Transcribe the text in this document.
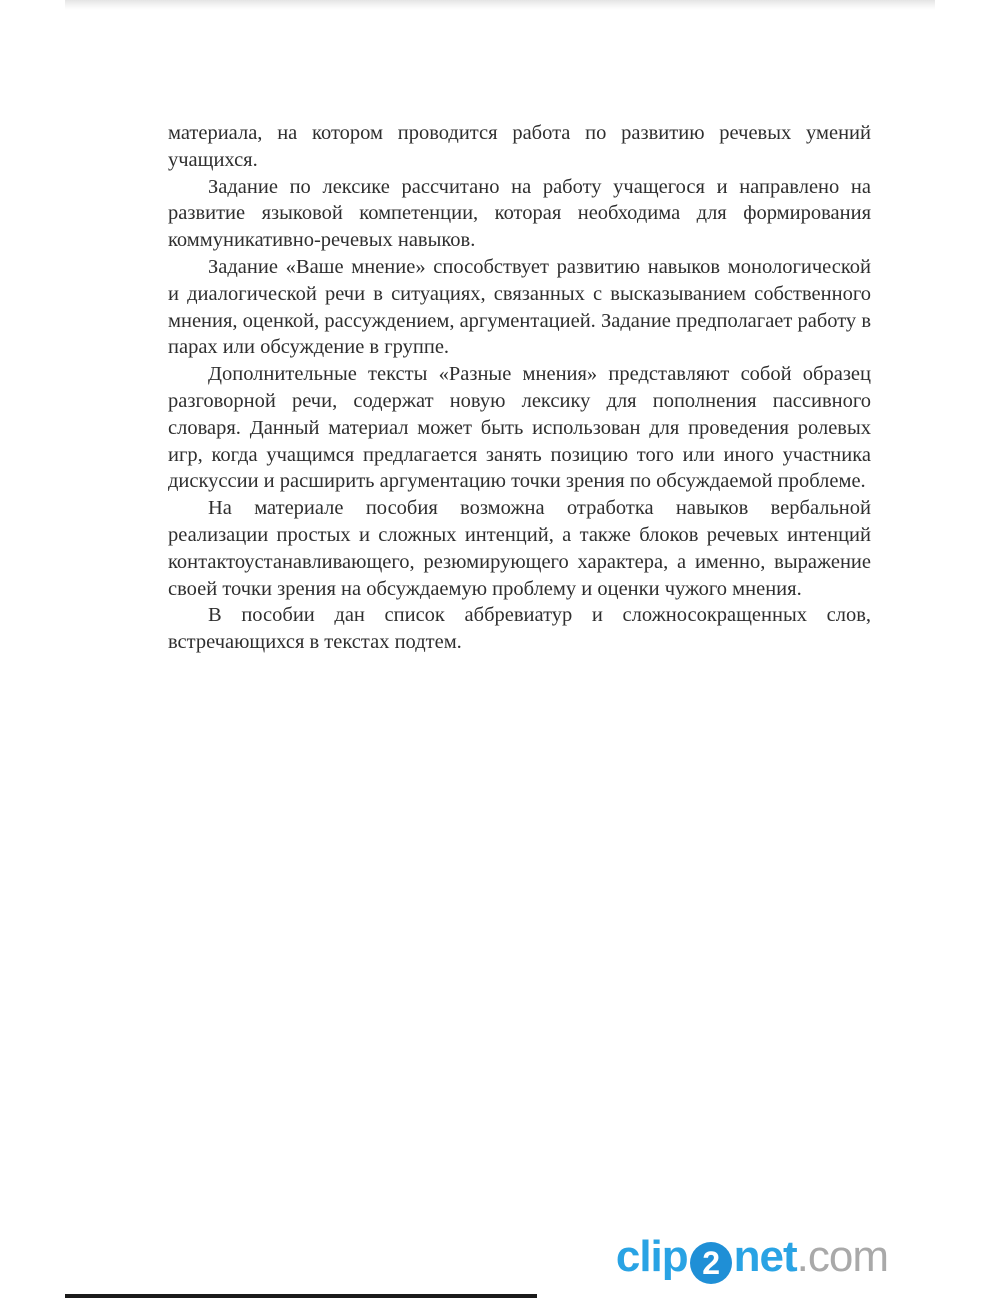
материала, на котором проводится работа по развитию речевых умений учащихся.

Задание по лексике рассчитано на работу учащегося и направлено на развитие языковой компетенции, которая необходима для формирования коммуникативно-речевых навыков.

Задание «Ваше мнение» способствует развитию навыков монологической и диалогической речи в ситуациях, связанных с высказыванием собственного мнения, оценкой, рассуждением, аргументацией. Задание предполагает работу в парах или обсуждение в группе.

Дополнительные тексты «Разные мнения» представляют собой образец разговорной речи, содержат новую лексику для пополнения пассивного словаря. Данный материал может быть использован для проведения ролевых игр, когда учащимся предлагается занять позицию того или иного участника дискуссии и расширить аргументацию точки зрения по обсуждаемой проблеме.

На материале пособия возможна отработка навыков вербальной реализации простых и сложных интенций, а также блоков речевых интенций контактоустанавливающего, резюмирующего характера, а именно, выражение своей точки зрения на обсуждаемую проблему и оценки чужого мнения.

В пособии дан список аббревиатур и сложносокращенных слов, встречающихся в текстах подтем.

clip 2 net .com
